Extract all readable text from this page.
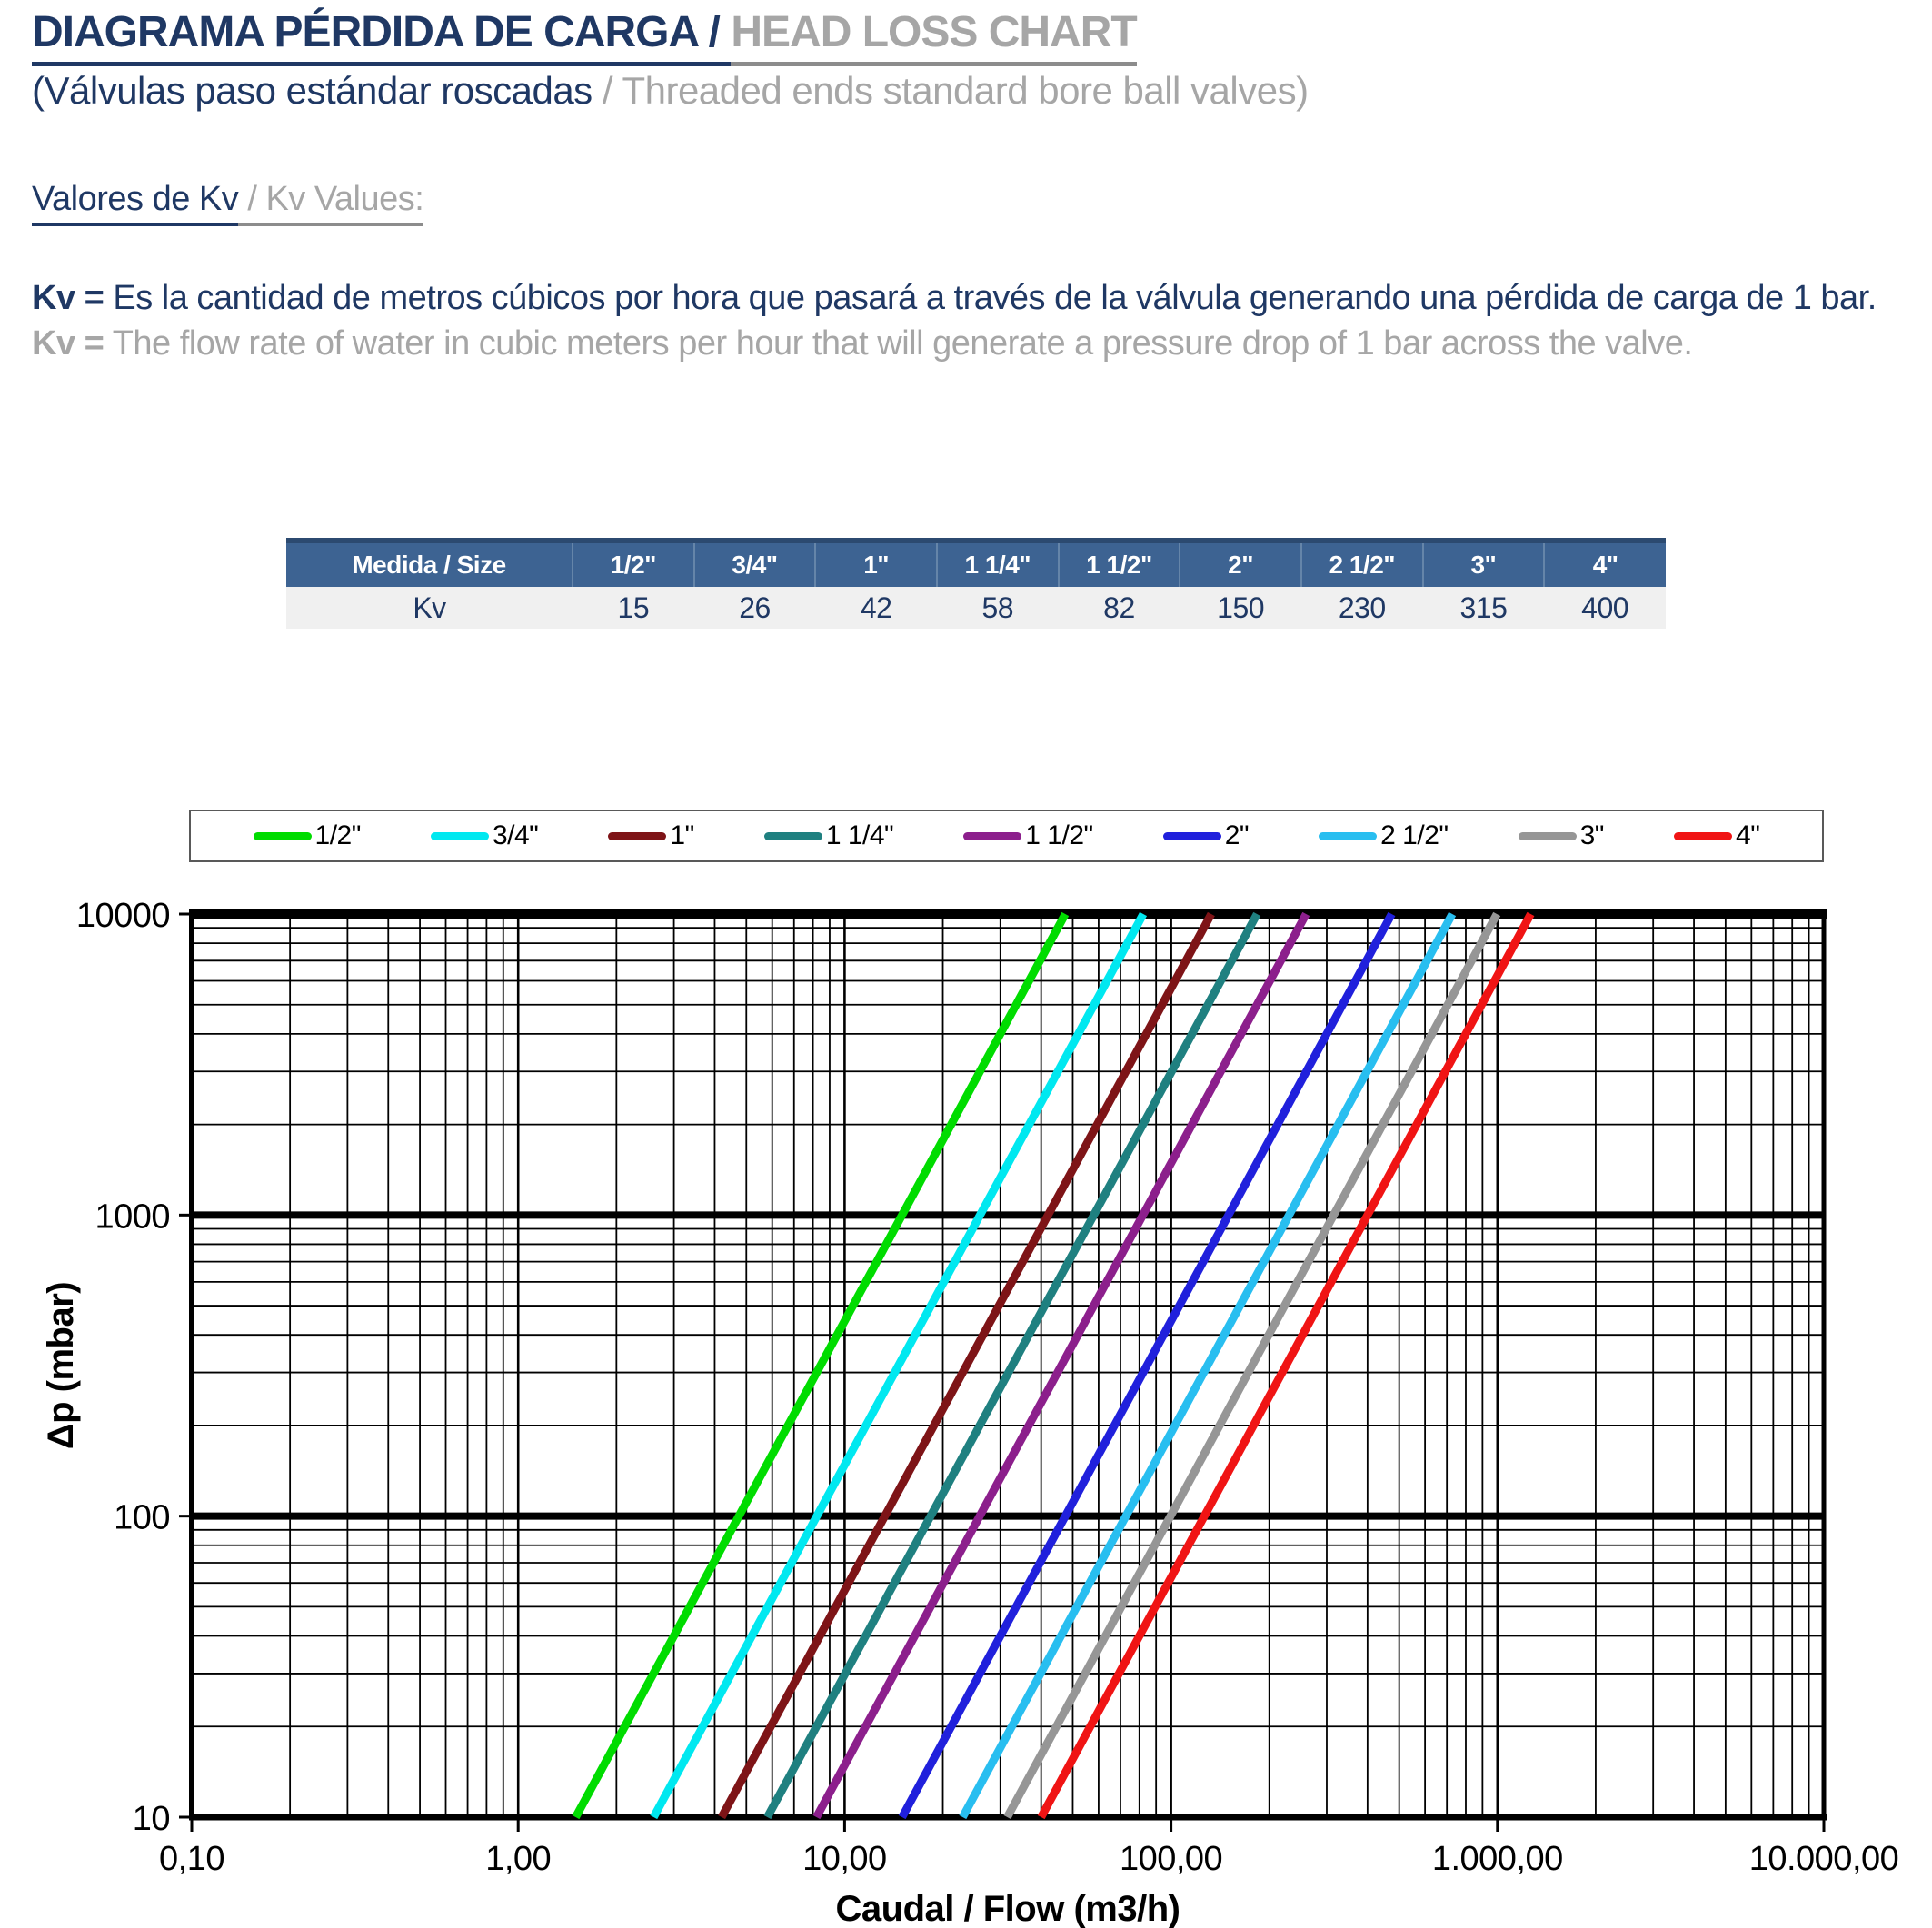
DIAGRAMA PÉRDIDA DE CARGA / HEAD LOSS CHART
(Válvulas paso estándar roscadas / Threaded ends standard bore ball valves)
Valores de Kv / Kv Values:

Kv = Es la cantidad de metros cúbicos por hora que pasará a través de la válvula generando una pérdida de carga de 1 bar.

Kv = The flow rate of water in cubic meters per hour that will generate a pressure drop of 1 bar across the valve.

Medida / Size	1/2"	3/4"	1"	1 1/4"	1 1/2"	2"	2 1/2"	3"	4"
Kv	15	26	42	58	82	150	230	315	400
1/2"	3/4"	1"	1 1/4"	1 1/2"	2"	2 1/2"	3"	4"
10
100
1000
10000
0,10	1,00	10,00	100,00	1.000,00	10.000,00
Caudal / Flow (m3/h)
Δp (mbar)
